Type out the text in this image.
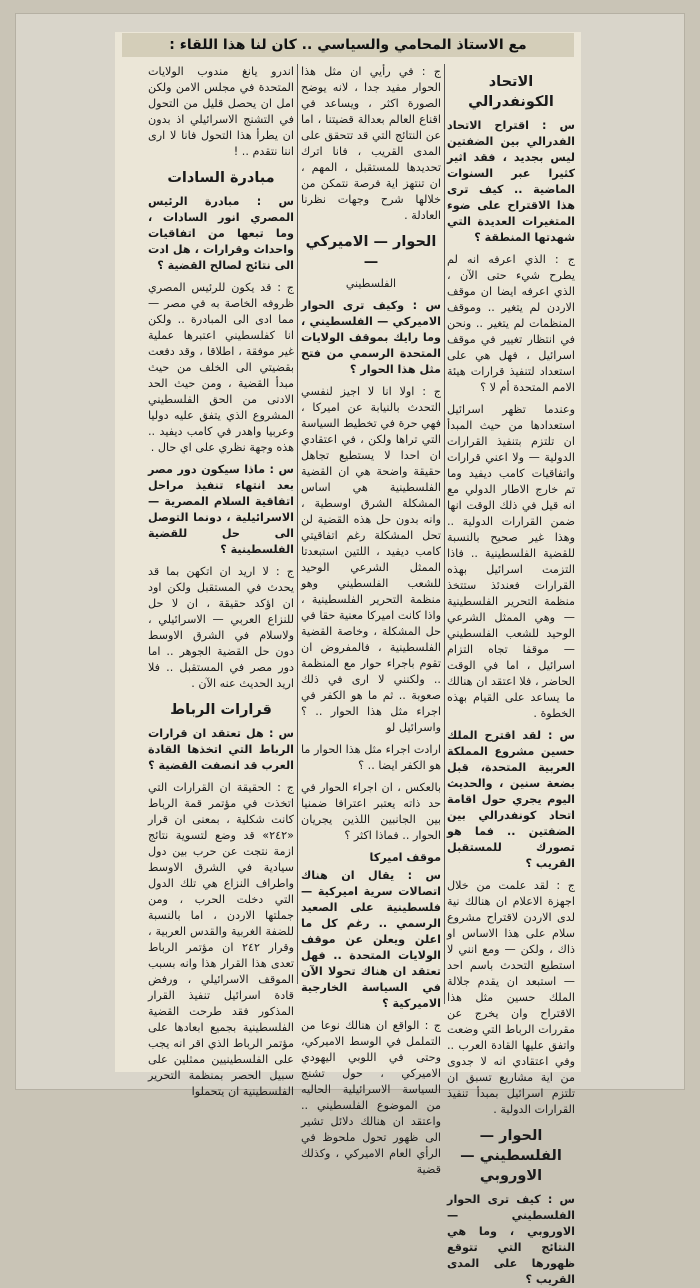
مع الاستاذ المحامي والسياسي .. كان لنا هذا اللقاء :
الاتحاد الكونفدرالي
س : اقتراح الاتحاد الفدرالي بين الضفتين ليس بجديد ، فقد اثير كثيرا عبر السنوات الماضية .. كيف ترى هذا الاقتراح على ضوء المتغيرات العديدة التي شهدتها المنطقة ؟
ج : الذي اعرفه انه لم يطرح شيء حتى الآن ، الذي اعرفه ايضا ان موقف الاردن لم يتغير .. وموقف المنظمات لم يتغير .. ونحن في انتظار تغيير في موقف اسرائيل ، فهل هي على استعداد لتنفيذ قرارات هيئة الامم المتحدة أم لا ؟
وعندما تظهر اسرائيل استعدادها من حيث المبدأ ان تلتزم بتنفيذ القرارات الدولية — ولا اعني قرارات واتفاقيات كامب ديفيد وما تم خارج الاطار الدولي مع انه قيل في ذلك الوقت انها ضمن القرارات الدولية .. وهذا غير صحيح بالنسبة للقضية الفلسطينية .. فاذا التزمت اسرائيل بهذه القرارات فعندئذ ستتخذ منظمة التحرير الفلسطينية — وهي الممثل الشرعي الوحيد للشعب الفلسطيني — موقفا تجاه التزام اسرائيل ، اما في الوقت الحاضر ، فلا اعتقد ان هنالك ما يساعد على القيام بهذه الخطوة .
س : لقد اقترح الملك حسين مشروع المملكة العربية المتحدة، قبل بضعة سنين ، والحديث اليوم يجري حول اقامة اتحاد كونفدرالي بين الضفتين .. فما هو تصورك للمستقبل القريب ؟
ج : لقد علمت من خلال اجهزة الاعلام ان هنالك نية لدى الاردن لاقتراح مشروع سلام على هذا الاساس او ذاك ، ولكن — ومع انني لا استطيع التحدث باسم احد — استبعد ان يقدم جلالة الملك حسين مثل هذا الاقتراح وان يخرج عن مقررات الرباط التي وضعت واتفق عليها القادة العرب .. وفي اعتقادي انه لا جدوى من اية مشاريع تسبق ان تلتزم اسرائيل بمبدأ تنفيذ القرارات الدولية .
الحوار — الفلسطيني — الاوروبي
س : كيف ترى الحوار الفلسطيني — الاوروبي ، وما هي النتائج التي تتوقع ظهورها على المدى القريب ؟
ج : في رأيي ان مثل هذا الحوار مفيد جدا ، لانه يوضح الصورة اكثر ، ويساعد في اقناع العالم بعدالة قضيتنا ، اما عن النتائج التي قد تتحقق على المدى القريب ، فانا اترك تحديدها للمستقبل ، المهم ، ان تنتهز اية فرصة نتمكن من خلالها شرح وجهات نظرنا العادلة .
الحوار — الاميركي —
الفلسطيني
س : وكيف ترى الحوار الاميركي — الفلسطيني ، وما رايك بموقف الولايات المتحدة الرسمي من فتح مثل هذا الحوار ؟
ج : اولا انا لا اجيز لنفسي التحدث بالنيابة عن اميركا ، فهي حرة في تخطيط السياسة التي تراها ولكن ، في اعتقادي ان احدا لا يستطيع تجاهل حقيقة واضحة هي ان القضية الفلسطينية هي اساس المشكلة الشرق اوسطية ، وانه بدون حل هذه القضية لن تحل المشكلة رغم اتفاقيتي كامب ديفيد ، اللتين استبعدتا الممثل الشرعي الوحيد للشعب الفلسطيني وهو منظمة التحرير الفلسطينية ، واذا كانت اميركا معنية حقا في حل المشكلة ، وخاصة القضية الفلسطينية ، فالمفروض ان تقوم باجراء حوار مع المنظمة .. ولكنني لا ارى في ذلك صعوبة .. ثم ما هو الكفر في اجراء مثل هذا الحوار .. ؟ واسرائيل لو
ارادت اجراء مثل هذا الحوار ما هو الكفر ايضا .. ؟
بالعكس ، ان اجراء الحوار في حد ذاته يعتبر اعترافا ضمنيا بين الجانبين اللذين يجريان الحوار .. فماذا اكثر ؟
موقف اميركا
س : يقال ان هناك اتصالات سرية اميركية — فلسطينية على الصعيد الرسمي .. رغم كل ما اعلن ويعلن عن موقف الولايات المتحدة .. فهل تعتقد ان هناك تحولا الآن في السياسة الخارجية الاميركية ؟
ج : الواقع ان هنالك نوعا من التململ في الوسط الاميركي، وحتى في اللوبي اليهودي الاميركي ، حول تشنج السياسة الاسرائيلية الحاليه من الموضوع الفلسطيني .. واعتقد ان هنالك دلائل تشير الى ظهور تحول ملحوظ في الرأي العام الاميركي ، وكذلك قضية
اندرو يانغ مندوب الولايات المتحدة في مجلس الامن ولكن امل ان يحصل قليل من التحول في التشنج الاسرائيلي اذ بدون ان يطرأ هذا التحول فانا لا ارى اننا نتقدم .. !
مبادرة السادات
س : مبادرة الرئيس المصري انور السادات ، وما تبعها من اتفاقيات واحداث وقرارات ، هل ادت الى نتائج لصالح القضية ؟
ج : قد يكون للرئيس المصري ظروفه الخاصة به في مصر — مما ادى الى المبادرة .. ولكن انا كفلسطيني اعتبرها عملية غير موفقة ، اطلاقا ، وقد دفعت بقضيتي الى الخلف من حيث مبدأ القضية ، ومن حيث الحد الادنى من الحق الفلسطيني المشروع الذي يتفق عليه دوليا وعربيا واهدر في كامب ديفيد .. هذه وجهة نظري على اي حال .
س : ماذا سيكون دور مصر بعد انتهاء تنفيذ مراحل اتفاقية السلام المصرية — الاسرائيلية ، دونما التوصل الى حل للقضية الفلسطينية ؟
ج : لا اريد ان اتكهن بما قد يحدث في المستقبل ولكن اود ان اؤكد حقيقة ، ان لا حل للنزاع العربي — الاسرائيلي ، ولاسلام في الشرق الاوسط دون حل القضية الجوهر .. اما دور مصر في المستقبل .. فلا اريد الحديث عنه الآن .
قرارات الرباط
س : هل تعتقد ان قرارات الرباط التي اتخذها القادة العرب قد انصفت القضية ؟
ج : الحقيقة ان القرارات التي اتخذت في مؤتمر قمة الرباط كانت شكلية ، بمعنى ان قرار «٢٤٢» قد وضع لتسوية نتائج ازمة نتجت عن حرب بين دول سيادية في الشرق الاوسط واطراف النزاع هي تلك الدول التي دخلت الحرب ، ومن جملتها الاردن ، اما بالنسبة للضفة الغربية والقدس العربية ، وقرار ٢٤٢ ان مؤتمر الرباط تعدى هذا القرار هذا وانه بسبب الموقف الاسرائيلي ، ورفض قادة اسرائيل تنفيذ القرار المذكور فقد طرحت القضية الفلسطينية بجميع ابعادها على مؤتمر الرباط الذي اقر انه يجب على الفلسطينيين ممثلين على سبيل الحصر بمنظمة التحرير الفلسطينية ان يتحملوا
